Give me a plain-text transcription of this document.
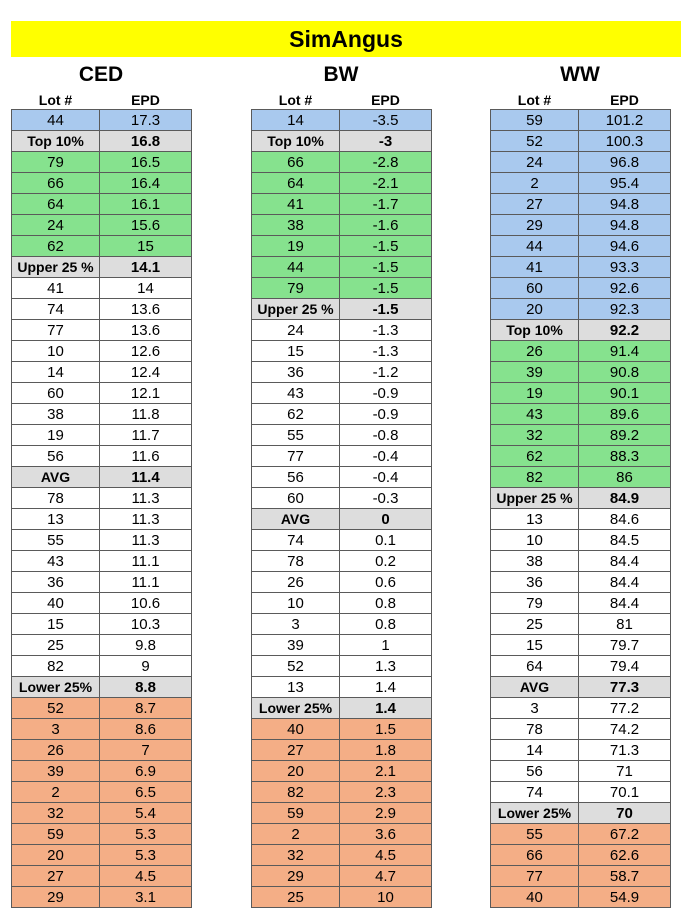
SimAngus
CED
Lot #	EPD
44	17.3
Top 10%	16.8
79	16.5
66	16.4
64	16.1
24	15.6
62	15
Upper 25 %	14.1
41	14
74	13.6
77	13.6
10	12.6
14	12.4
60	12.1
38	11.8
19	11.7
56	11.6
AVG	11.4
78	11.3
13	11.3
55	11.3
43	11.1
36	11.1
40	10.6
15	10.3
25	9.8
82	9
Lower 25%	8.8
52	8.7
3	8.6
26	7
39	6.9
2	6.5
32	5.4
59	5.3
20	5.3
27	4.5
29	3.1
BW
Lot #	EPD
14	-3.5
Top 10%	-3
66	-2.8
64	-2.1
41	-1.7
38	-1.6
19	-1.5
44	-1.5
79	-1.5
Upper 25 %	-1.5
24	-1.3
15	-1.3
36	-1.2
43	-0.9
62	-0.9
55	-0.8
77	-0.4
56	-0.4
60	-0.3
AVG	0
74	0.1
78	0.2
26	0.6
10	0.8
3	0.8
39	1
52	1.3
13	1.4
Lower 25%	1.4
40	1.5
27	1.8
20	2.1
82	2.3
59	2.9
2	3.6
32	4.5
29	4.7
25	10
WW
Lot #	EPD
59	101.2
52	100.3
24	96.8
2	95.4
27	94.8
29	94.8
44	94.6
41	93.3
60	92.6
20	92.3
Top 10%	92.2
26	91.4
39	90.8
19	90.1
43	89.6
32	89.2
62	88.3
82	86
Upper 25 %	84.9
13	84.6
10	84.5
38	84.4
36	84.4
79	84.4
25	81
15	79.7
64	79.4
AVG	77.3
3	77.2
78	74.2
14	71.3
56	71
74	70.1
Lower 25%	70
55	67.2
66	62.6
77	58.7
40	54.9
